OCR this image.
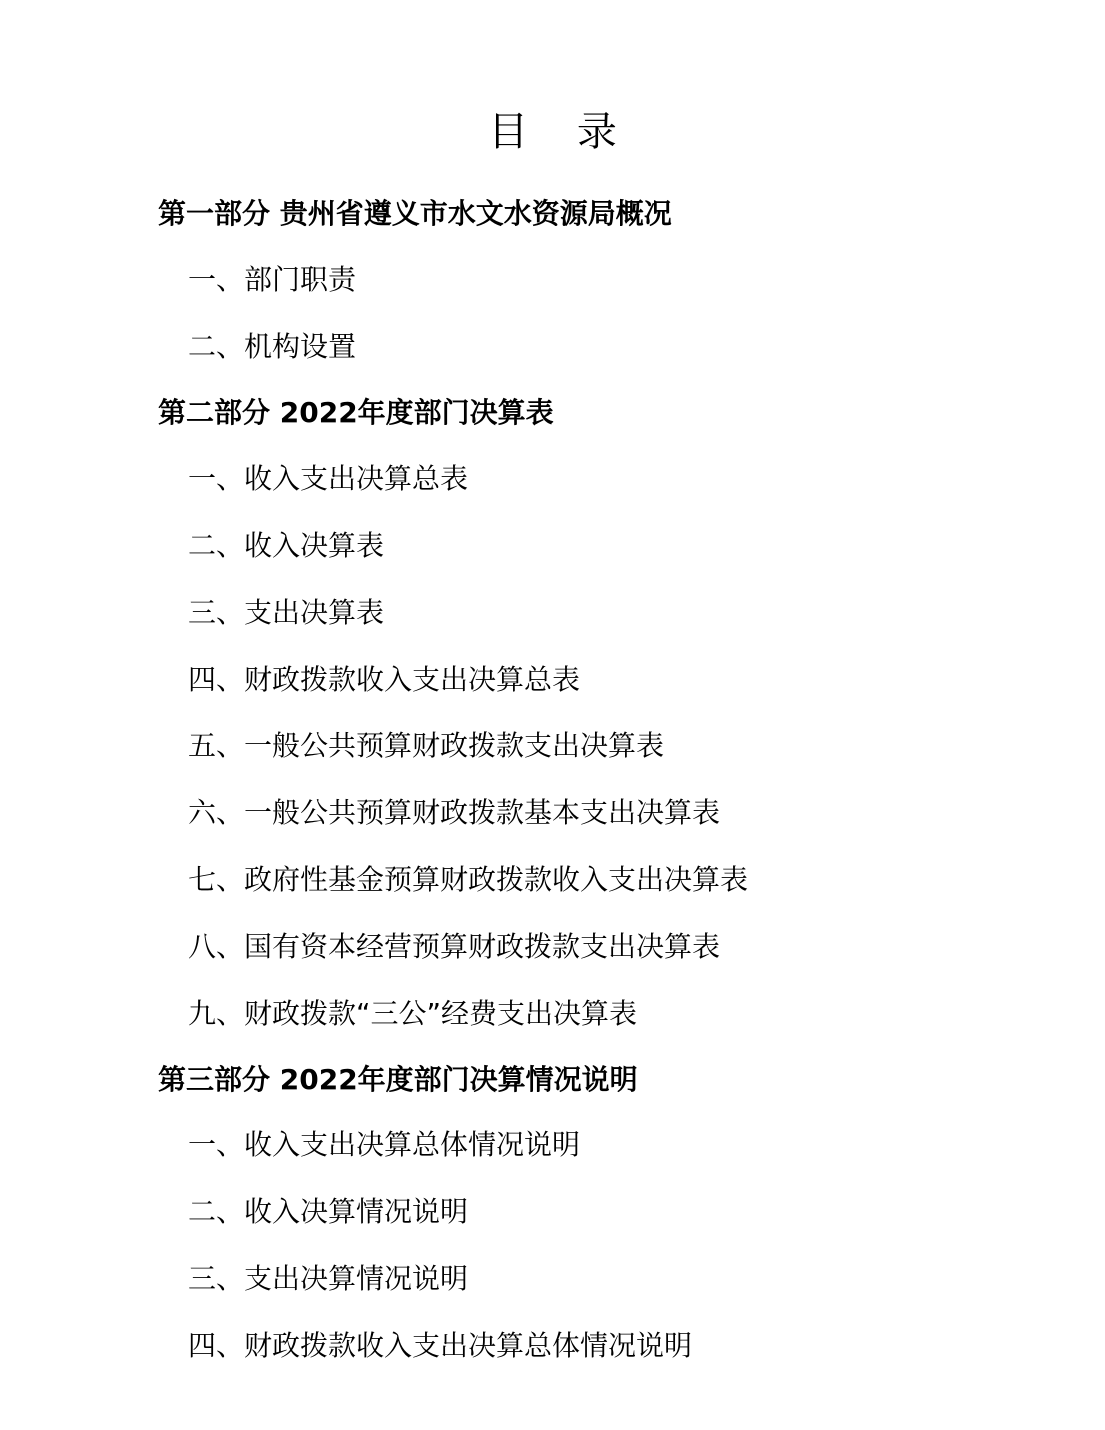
目 录
第一部分 贵州省遵义市水文水资源局概况
一、部门职责
二、机构设置
第二部分 2022年度部门决算表
一、收入支出决算总表
二、收入决算表
三、支出决算表
四、财政拨款收入支出决算总表
五、一般公共预算财政拨款支出决算表
六、一般公共预算财政拨款基本支出决算表
七、政府性基金预算财政拨款收入支出决算表
八、国有资本经营预算财政拨款支出决算表
九、财政拨款“三公”经费支出决算表
第三部分 2022年度部门决算情况说明
一、收入支出决算总体情况说明
二、收入决算情况说明
三、支出决算情况说明
四、财政拨款收入支出决算总体情况说明
